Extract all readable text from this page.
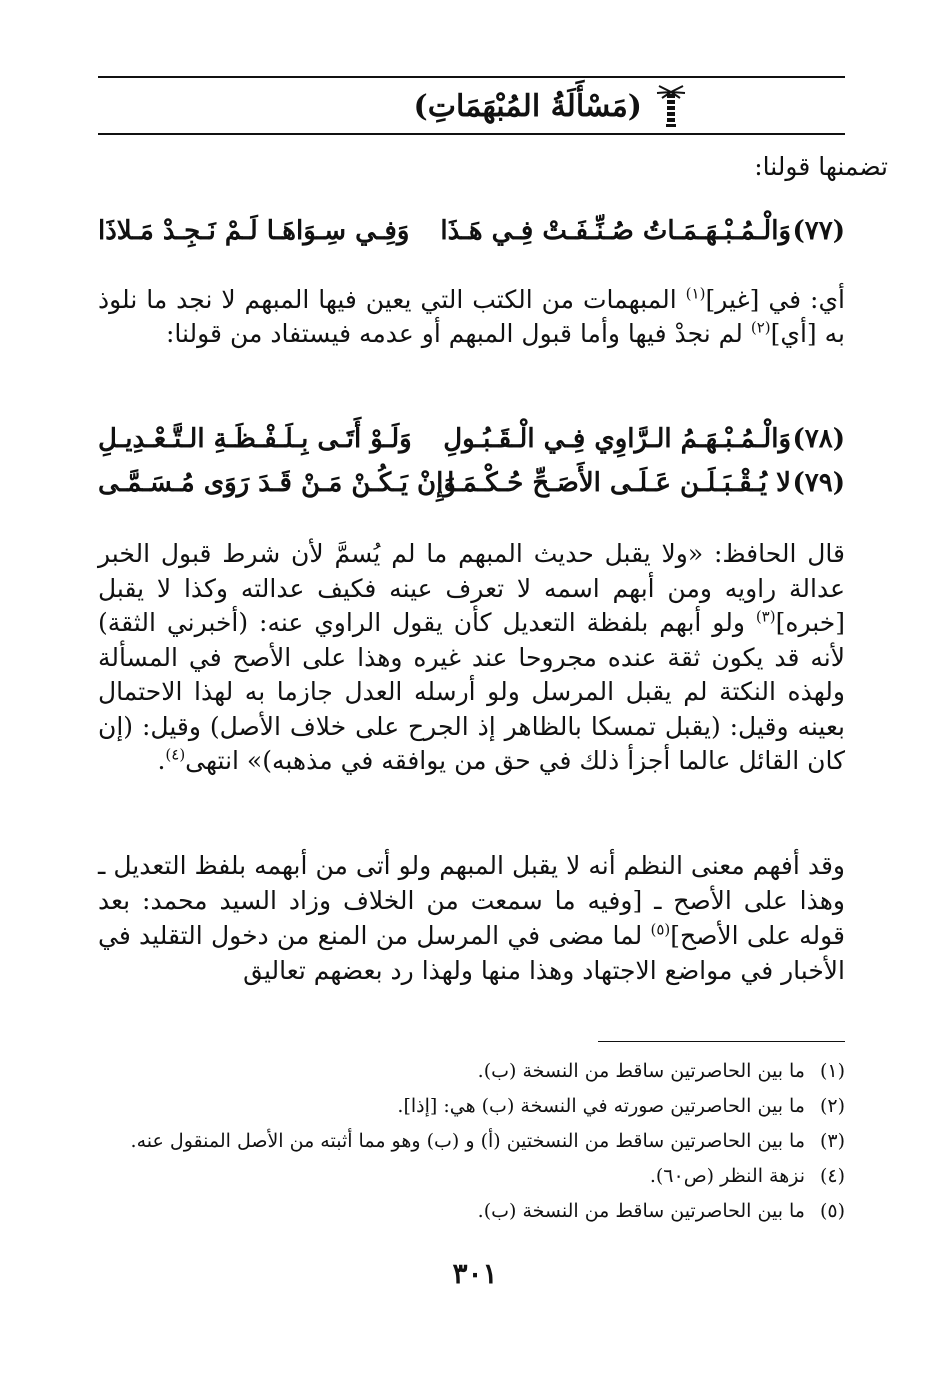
(مَسْأَلَةُ المُبْهَمَاتِ)
تضمنها قولنا:
(٧٧)
وَالْـمُـبْـهَـمَـاتُ صُـنِّـفَـتْ فِـي هَـذَا
وَفِـي سِـوَاهَـا لَـمْ نَـجِـدْ مَـلاذَا
أي: في [غير]$^{(١)}$ المبهمات من الكتب التي يعين فيها المبهم لا نجد ما نلوذ به [أي]$^{(٢)}$ لم نجدْ فيها وأما قبول المبهم أو عدمه فيستفاد من قولنا:
(٧٨)
وَالْـمُـبْـهَـمُ الـرَّاوِي فِـي الْـقَـبُـولِ
وَلَـوْ أَتَـى بِـلَـفْـظَـةِ الـتَّـعْـدِيـلِ
(٧٩)
لا يُـقْـبَـلَـن عَـلَـى الأَصَـحِّ حُـكْـمَـا
وَإِنْ يَـكُـنْ مَـنْ قَـدَ رَوَى مُـسَـمَّـى
قال الحافظ: «ولا يقبل حديث المبهم ما لم يُسمَّ لأن شرط قبول الخبر عدالة راويه ومن أبهم اسمه لا تعرف عينه فكيف عدالته وكذا لا يقبل [خبره]$^{(٣)}$ ولو أبهم بلفظة التعديل كأن يقول الراوي عنه: (أخبرني الثقة) لأنه قد يكون ثقة عنده مجروحا عند غيره وهذا على الأصح في المسألة ولهذه النكتة لم يقبل المرسل ولو أرسله العدل جازما به لهذا الاحتمال بعينه وقيل: (يقبل تمسكا بالظاهر إذ الجرح على خلاف الأصل) وقيل: (إن كان القائل عالما أجزأ ذلك في حق من يوافقه في مذهبه)» انتهى$^{(٤)}$.
وقد أفهم معنى النظم أنه لا يقبل المبهم ولو أتى من أبهمه بلفظ التعديل ـ وهذا على الأصح ـ [وفيه ما سمعت من الخلاف وزاد السيد محمد: بعد قوله على الأصح]$^{(٥)}$ لما مضى في المرسل من المنع من دخول التقليد في الأخبار في مواضع الاجتهاد وهذا منها ولهذا رد بعضهم تعاليق
(١)
ما بين الحاصرتين ساقط من النسخة (ب).
(٢)
ما بين الحاصرتين صورته في النسخة (ب) هي: [إذا].
(٣)
ما بين الحاصرتين ساقط من النسختين (أ) و (ب) وهو مما أثبته من الأصل المنقول عنه.
(٤)
نزهة النظر (ص٦٠).
(٥)
ما بين الحاصرتين ساقط من النسخة (ب).
٣٠١
